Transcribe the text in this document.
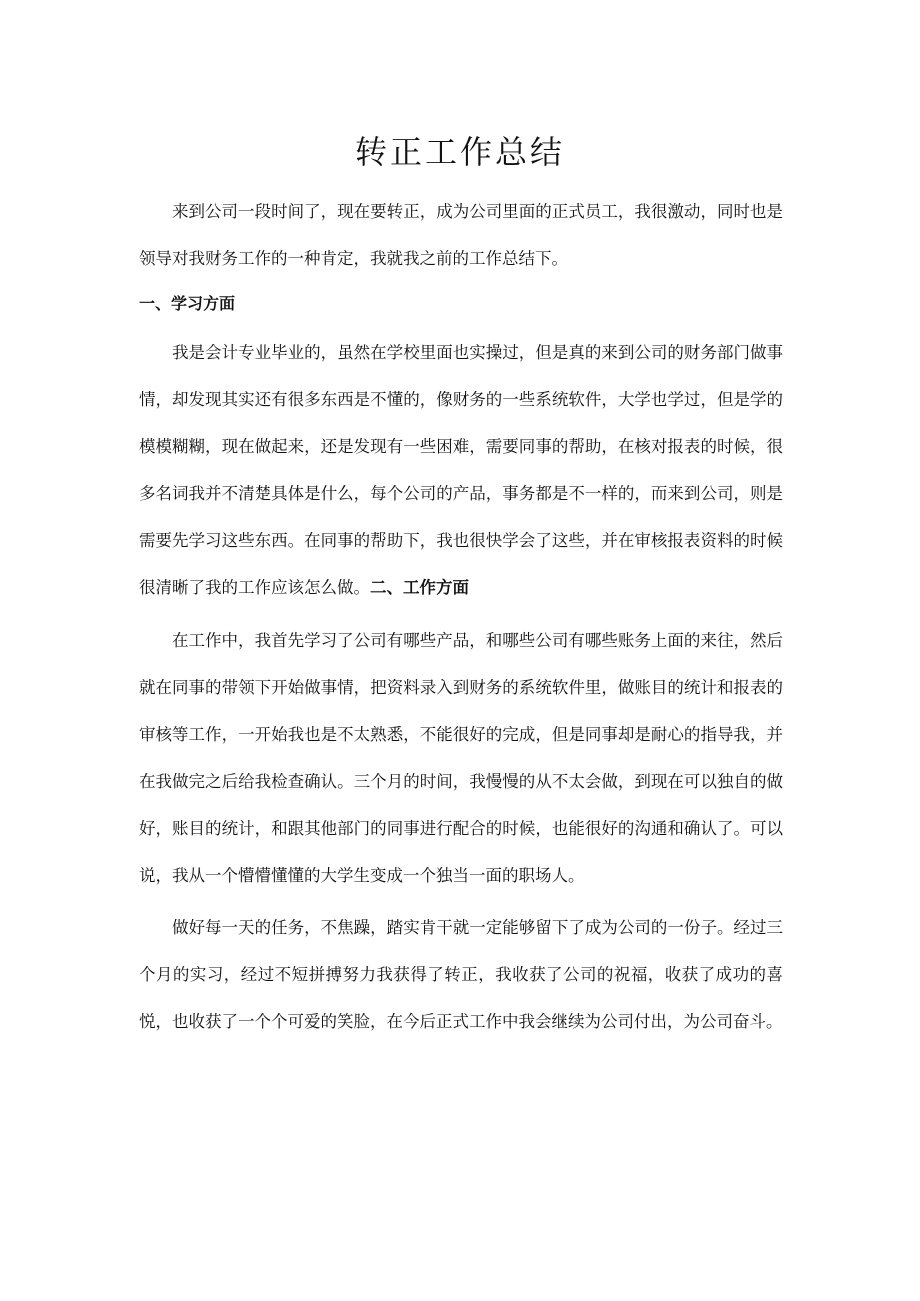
转正工作总结

来到公司一段时间了，现在要转正，成为公司里面的正式员工，我很激动，同时也是领导对我财务工作的一种肯定，我就我之前的工作总结下。

一、学习方面

我是会计专业毕业的，虽然在学校里面也实操过，但是真的来到公司的财务部门做事情，却发现其实还有很多东西是不懂的，像财务的一些系统软件，大学也学过，但是学的模模糊糊，现在做起来，还是发现有一些困难，需要同事的帮助，在核对报表的时候，很多名词我并不清楚具体是什么，每个公司的产品，事务都是不一样的，而来到公司，则是需要先学习这些东西。在同事的帮助下，我也很快学会了这些，并在审核报表资料的时候很清晰了我的工作应该怎么做。二、工作方面

在工作中，我首先学习了公司有哪些产品，和哪些公司有哪些账务上面的来往，然后就在同事的带领下开始做事情，把资料录入到财务的系统软件里，做账目的统计和报表的审核等工作，一开始我也是不太熟悉，不能很好的完成，但是同事却是耐心的指导我，并在我做完之后给我检查确认。三个月的时间，我慢慢的从不太会做，到现在可以独自的做好，账目的统计，和跟其他部门的同事进行配合的时候，也能很好的沟通和确认了。可以说，我从一个懵懵懂懂的大学生变成一个独当一面的职场人。

做好每一天的任务，不焦躁，踏实肯干就一定能够留下了成为公司的一份子。经过三个月的实习，经过不短拼搏努力我获得了转正，我收获了公司的祝福，收获了成功的喜悦，也收获了一个个可爱的笑脸，在今后正式工作中我会继续为公司付出，为公司奋斗。
